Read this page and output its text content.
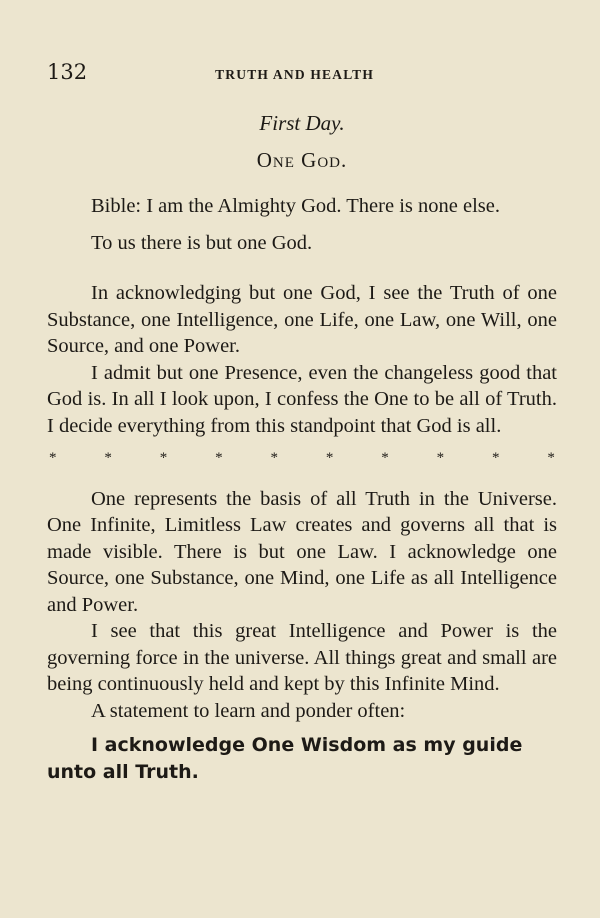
132	TRUTH AND HEALTH
First Day.
One God.

Bible: I am the Almighty God. There is none else.

To us there is but one God.

In acknowledging but one God, I see the Truth of one Substance, one Intelligence, one Life, one Law, one Will, one Source, and one Power.

I admit but one Presence, even the changeless good that God is. In all I look upon, I confess the One to be all of Truth. I decide everything from this standpoint that God is all.

*	*	*	*	*	*	*	*	*	*

One represents the basis of all Truth in the Universe. One Infinite, Limitless Law creates and governs all that is made visible. There is but one Law. I acknowledge one Source, one Substance, one Mind, one Life as all Intelligence and Power.

I see that this great Intelligence and Power is the governing force in the universe. All things great and small are being continuously held and kept by this Infinite Mind.

A statement to learn and ponder often:

I acknowledge One Wisdom as my guide unto all Truth.
